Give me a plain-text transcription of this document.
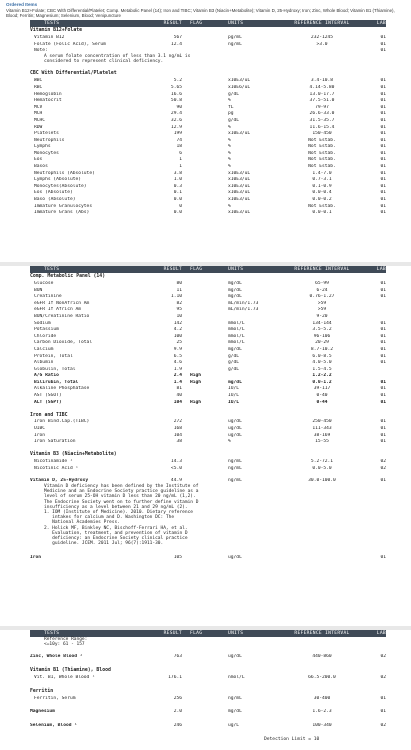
Ordered Items
Vitamin B12+Folate; CBC With Differential/Platelet; Comp. Metabolic Panel (14); Iron and TIBC; Vitamin B3 (Niacin+Metabolite); Vitamin D, 25-Hydroxy; Iron; Zinc, Whole Blood; Vitamin B1 (Thiamine), Blood; Ferritin; Magnesium; Selenium, Blood; Venipuncture
TESTS	RESULT	FLAG	UNITS	REFERENCE INTERVAL	LAB
Vitamin B12+Folate
Vitamin B12	567	pg/mL	232-1245	01
Folate (Folic Acid), Serum	12.4	ng/mL	>3.0	01
Note:	01
A serum folate concentration of less than 3.1 ng/mL is
considered to represent clinical deficiency.
CBC With Differential/Platelet
WBC	5.2	x10E3/uL	3.4-10.8	01
RBC	5.65	x10E6/uL	4.14-5.80	01
Hemoglobin	16.6	g/dL	13.0-17.7	01
Hematocrit	50.8	%	37.5-51.0	01
MCV	90	fL	79-97	01
MCH	29.4	pg	26.6-33.0	01
MCHC	32.6	g/dL	31.5-35.7	01
RDW	12.9	%	11.6-15.4	01
Platelets	199	x10E3/uL	150-450	01
Neutrophils	74	%	Not Estab.	01
Lymphs	18	%	Not Estab.	01
Monocytes	6	%	Not Estab.	01
Eos	1	%	Not Estab.	01
Basos	1	%	Not Estab.	01
Neutrophils (Absolute)	3.8	x10E3/uL	1.4-7.0	01
Lymphs (Absolute)	1.0	x10E3/uL	0.7-3.1	01
Monocytes(Absolute)	0.3	x10E3/uL	0.1-0.9	01
Eos (Absolute)	0.1	x10E3/uL	0.0-0.4	01
Baso (Absolute)	0.0	x10E3/uL	0.0-0.2	01
Immature Granulocytes	0	%	Not Estab.	01
Immature Grans (Abs)	0.0	x10E3/uL	0.0-0.1	01
TESTS	RESULT	FLAG	UNITS	REFERENCE INTERVAL	LAB
Comp. Metabolic Panel (14)
Glucose	80	mg/dL	65-99	01
BUN	11	mg/dL	6-24	01
Creatinine	1.10	mg/dL	0.76-1.27	01
eGFR If NonAfricn Am	82	mL/min/1.73	>59
eGFR If Africn Am	95	mL/min/1.73	>59
BUN/Creatinine Ratio	10	9-20
Sodium	142	mmol/L	134-144	01
Potassium	4.2	mmol/L	3.5-5.2	01
Chloride	100	mmol/L	96-106	01
Carbon Dioxide, Total	25	mmol/L	20-29	01
Calcium	9.9	mg/dL	8.7-10.2	01
Protein, Total	6.5	g/dL	6.0-8.5	01
Albumin	4.6	g/dL	4.0-5.0	01
Globulin, Total	1.9	g/dL	1.5-4.5
A/G Ratio	2.4	High	1.2-2.2
Bilirubin, Total	1.4	High	mg/dL	0.0-1.2	01
Alkaline Phosphatase	81	IU/L	39-117	01
AST (SGOT)	40	IU/L	0-40	01
ALT (SGPT)	104	High	IU/L	0-44	01
Iron and TIBC
Iron Bind.Cap.(TIBC)	272	ug/dL	250-450	01
UIBC	168	ug/dL	111-343	01
Iron	104	ug/dL	38-169	01
Iron Saturation	38	%	15-55	01
Vitamin B3 (Niacin+Metabolite)
Nicotinamide ¹	14.3	ng/mL	5.2-72.1	02
Nicotinic Acid ¹	<5.0	ng/mL	0.0-5.0	02
Vitamin D, 25-Hydroxy	44.9	ng/mL	30.0-100.0	01
Vitamin D deficiency has been defined by the Institute of
Medicine and an Endocrine Society practice guideline as a
level of serum 25-OH vitamin D less than 20 ng/mL (1,2).
The Endocrine Society went on to further define vitamin D
insufficiency as a level between 21 and 29 ng/mL (2).
1. IOM (Institute of Medicine). 2010. Dietary reference
intakes for calcium and D. Washington DC: The
National Academies Press.
2. Holick MF, Binkley NC, Bischoff-Ferrari HA, et al.
Evaluation, treatment, and prevention of vitamin D
deficiency: an Endocrine Society clinical practice
guideline. JCEM. 2011 Jul; 96(7):1911-30.
Iron	105	ug/dL	01
TESTS	RESULT	FLAG	UNITS	REFERENCE INTERVAL	LAB
Reference Range:
<=10y: 61 - 157
Zinc, Whole Blood ¹	763	ug/dL	440-860	02
Vitamin B1 (Thiamine), Blood
Vit. B1, Whole Blood ¹	176.1	nmol/L	66.5-200.0	02
Ferritin
Ferritin, Serum	256	ng/mL	30-400	01
Magnesium	2.0	mg/dL	1.6-2.3	01
Selenium, Blood ¹	246	ug/L	100-340	02
Detection Limit = 10
